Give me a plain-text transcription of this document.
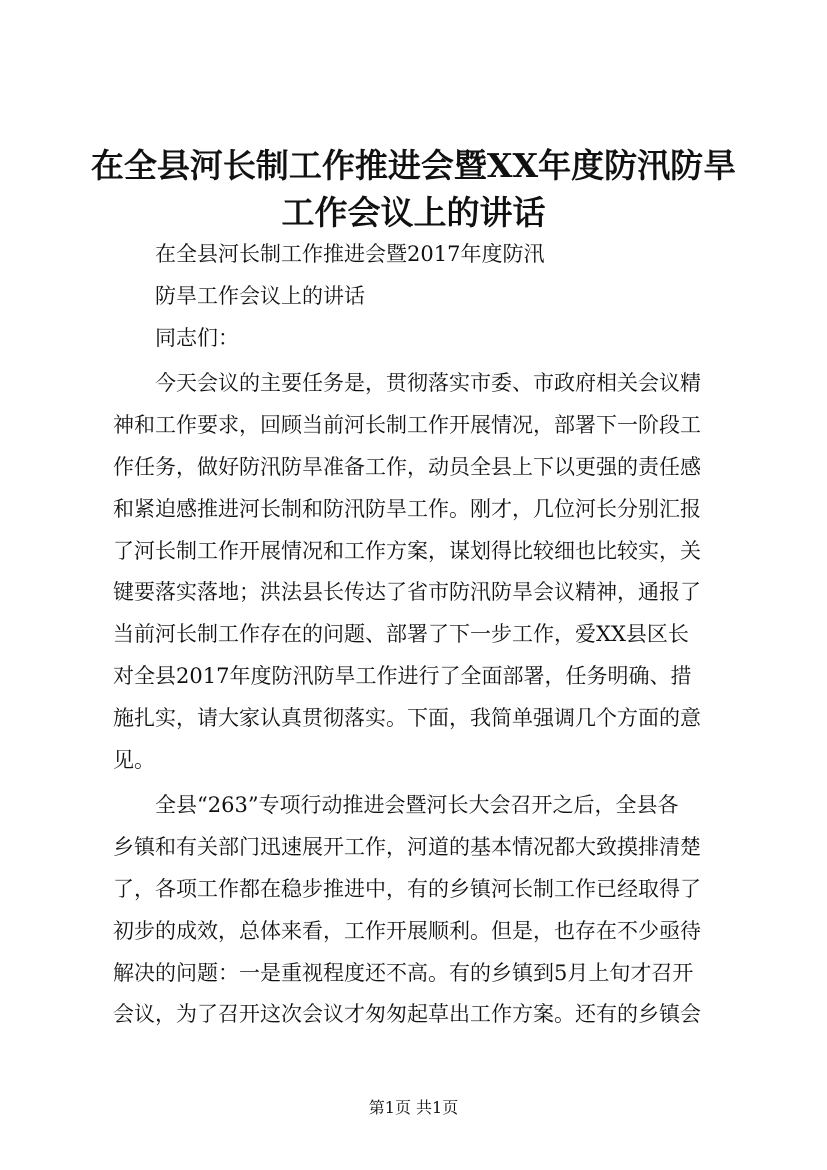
在全县河长制工作推进会暨XX年度防汛防旱
工作会议上的讲话
在全县河长制工作推进会暨2017年度防汛
防旱工作会议上的讲话
同志们：
今天会议的主要任务是，贯彻落实市委、市政府相关会议精
神和工作要求，回顾当前河长制工作开展情况，部署下一阶段工
作任务，做好防汛防旱准备工作，动员全县上下以更强的责任感
和紧迫感推进河长制和防汛防旱工作。刚才，几位河长分别汇报
了河长制工作开展情况和工作方案，谋划得比较细也比较实，关
键要落实落地；洪法县长传达了省市防汛防旱会议精神，通报了
当前河长制工作存在的问题、部署了下一步工作，爱XX县区长
对全县2017年度防汛防旱工作进行了全面部署，任务明确、措
施扎实，请大家认真贯彻落实。下面，我简单强调几个方面的意
见。
全县“263”专项行动推进会暨河长大会召开之后，全县各
乡镇和有关部门迅速展开工作，河道的基本情况都大致摸排清楚
了，各项工作都在稳步推进中，有的乡镇河长制工作已经取得了
初步的成效，总体来看，工作开展顺利。但是，也存在不少亟待
解决的问题：一是重视程度还不高。有的乡镇到5月上旬才召开
会议，为了召开这次会议才匆匆起草出工作方案。还有的乡镇会
第1页 共1页
